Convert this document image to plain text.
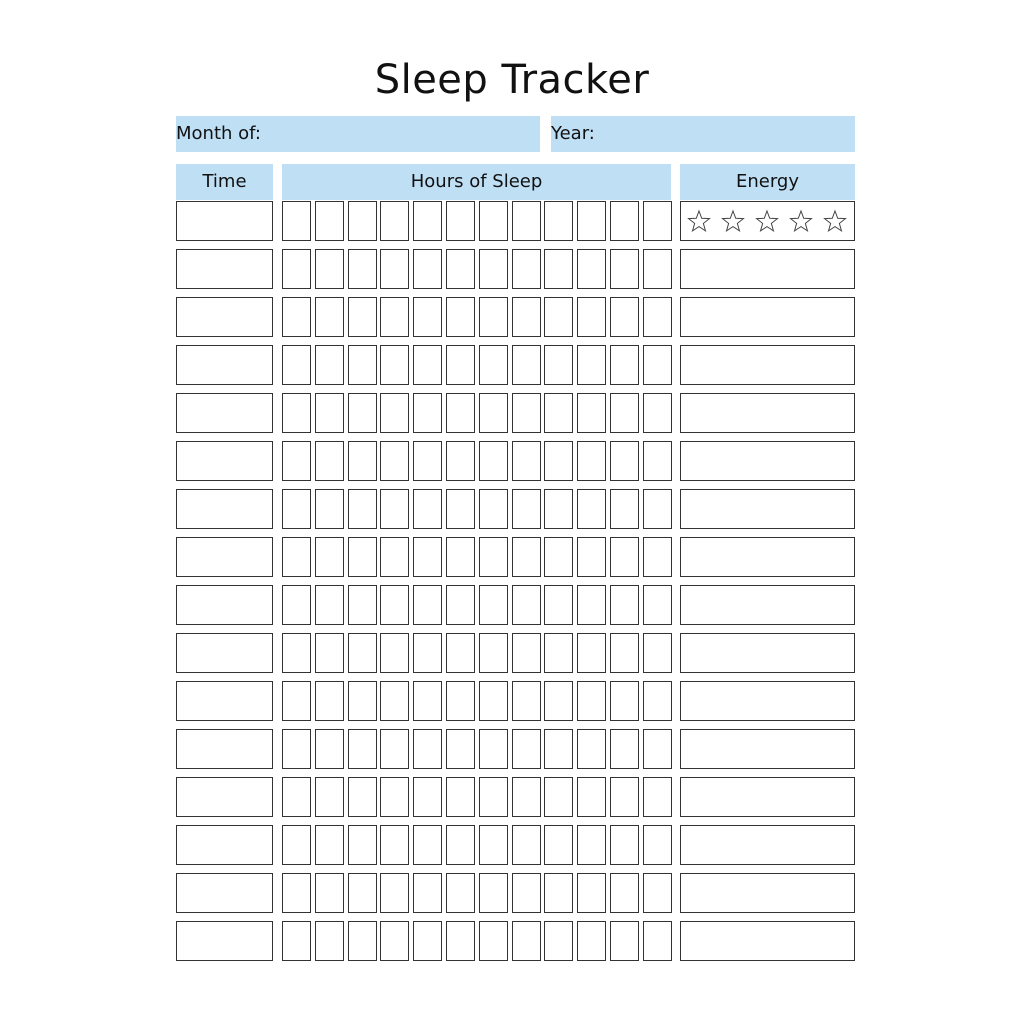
Sleep Tracker
Month of:	Year:
Time	Hours of Sleep	Energy
